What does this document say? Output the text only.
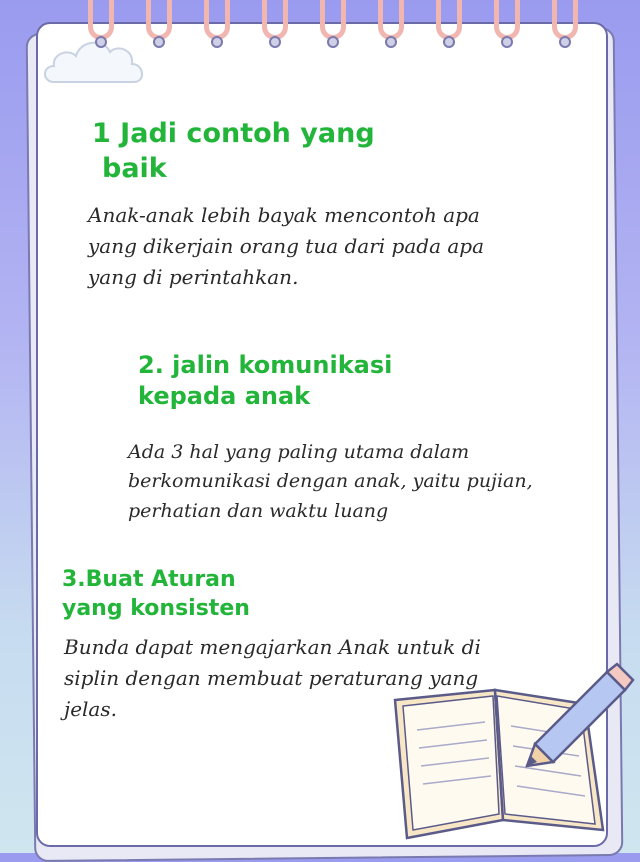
1 Jadi contoh yang
baik
Anak-anak lebih bayak mencontoh apa
yang dikerjain orang tua dari pada apa
yang di perintahkan.
2. jalin komunikasi
kepada anak
Ada 3 hal yang paling utama dalam
berkomunikasi dengan anak, yaitu pujian,
perhatian dan waktu luang
3.Buat Aturan
yang konsisten
Bunda dapat mengajarkan Anak untuk di
siplin dengan membuat peraturang yang
jelas.
